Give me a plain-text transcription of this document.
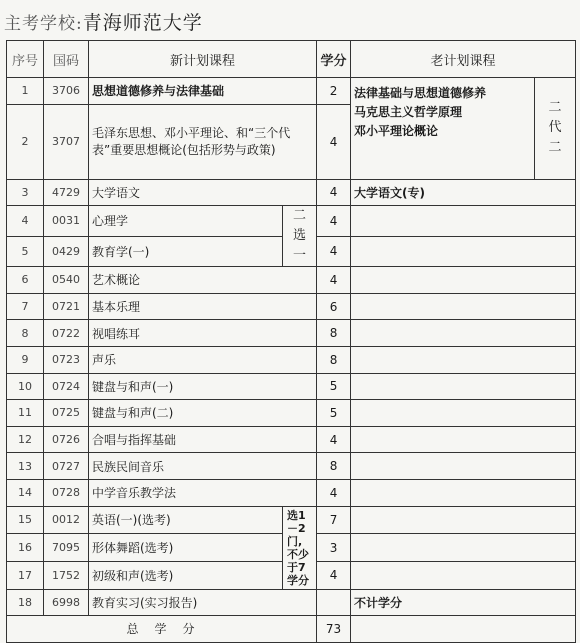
主考学校:青海师范大学
序号	国码	新计划课程		学分	老计划课程	
1	3706	思想道德修养与法律基础		2	法律基础与思想道德修养
马克思主义哲学原理
邓小平理论概论	二代二

2	3707	毛泽东思想、邓小平理论、和“三个代表”重要思想概论(包括形势与政策)		4		
3	4729	大学语文		4	大学语文(专)	
4	0031	心理学	二选一	4		
5	0429	教育学(一)		4		
6	0540	艺术概论		4		
7	0721	基本乐理		6		
8	0722	视唱练耳		8		
9	0723	声乐		8		
10	0724	键盘与和声(一)		5		
11	0725	键盘与和声(二)		5		
12	0726	合唱与指挥基础		4		
13	0727	民族民间音乐		8		
14	0728	中学音乐教学法		4		
15	0012	英语(一)(选考)	选1－2门,不少于7学分	7		
16	7095	形体舞蹈(选考)		3		
17	1752	初级和声(选考)		4		
18	6998	教育实习(实习报告)			不计学分	
总　学　分				73		
